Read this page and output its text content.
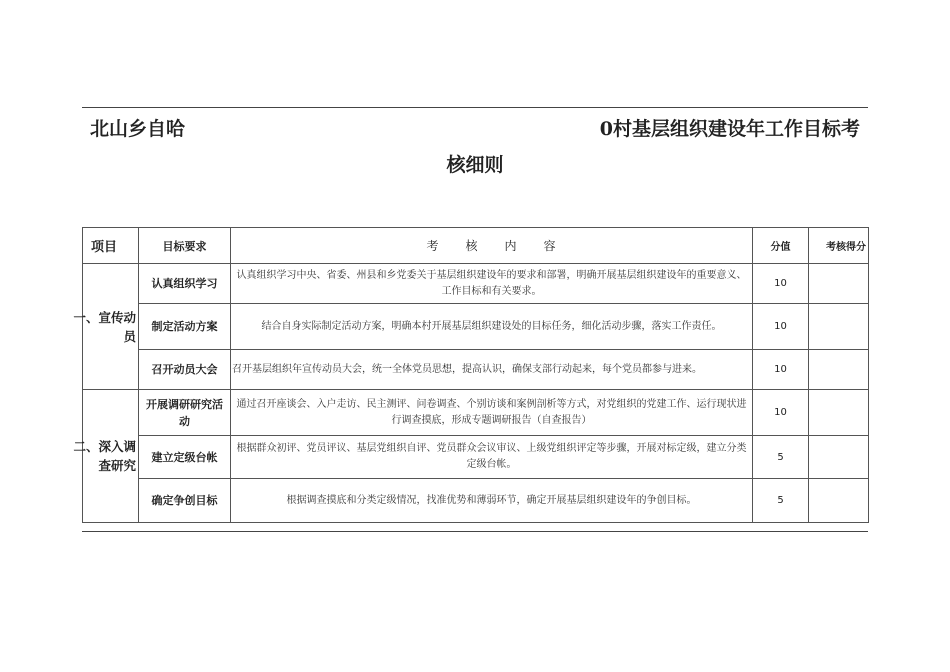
北山乡自哈	0村基层组织建设年工作目标考
核细则
项目	目标要求	考　　核　　内　　容	分值	考核得分
一、宣传动员	认真组织学习	认真组织学习中央、省委、州县和乡党委关于基层组织建设年的要求和部署，明确开展基层组织建设年的重要意义、工作目标和有关要求。	10	
	制定活动方案	结合自身实际制定活动方案，明确本村开展基层组织建设处的目标任务，细化活动步骤，落实工作责任。	10	
	召开动员大会	召开基层组织年宣传动员大会，统一全体党员思想，提高认识，确保支部行动起来，每个党员都参与进来。	10	
二、深入调查研究	开展调研研究活动	通过召开座谈会、入户走访、民主测评、问卷调查、个别访谈和案例剖析等方式，对党组织的党建工作、运行现状进行调查摸底，形成专题调研报告（自查报告）	10	
	建立定级台帐	根据群众初评、党员评议、基层党组织自评、党员群众会议审议、上级党组织评定等步骤，开展对标定级，建立分类定级台帐。	5	
	确定争创目标	根据调查摸底和分类定级情况，找准优势和薄弱环节，确定开展基层组织建设年的争创目标。	5	
